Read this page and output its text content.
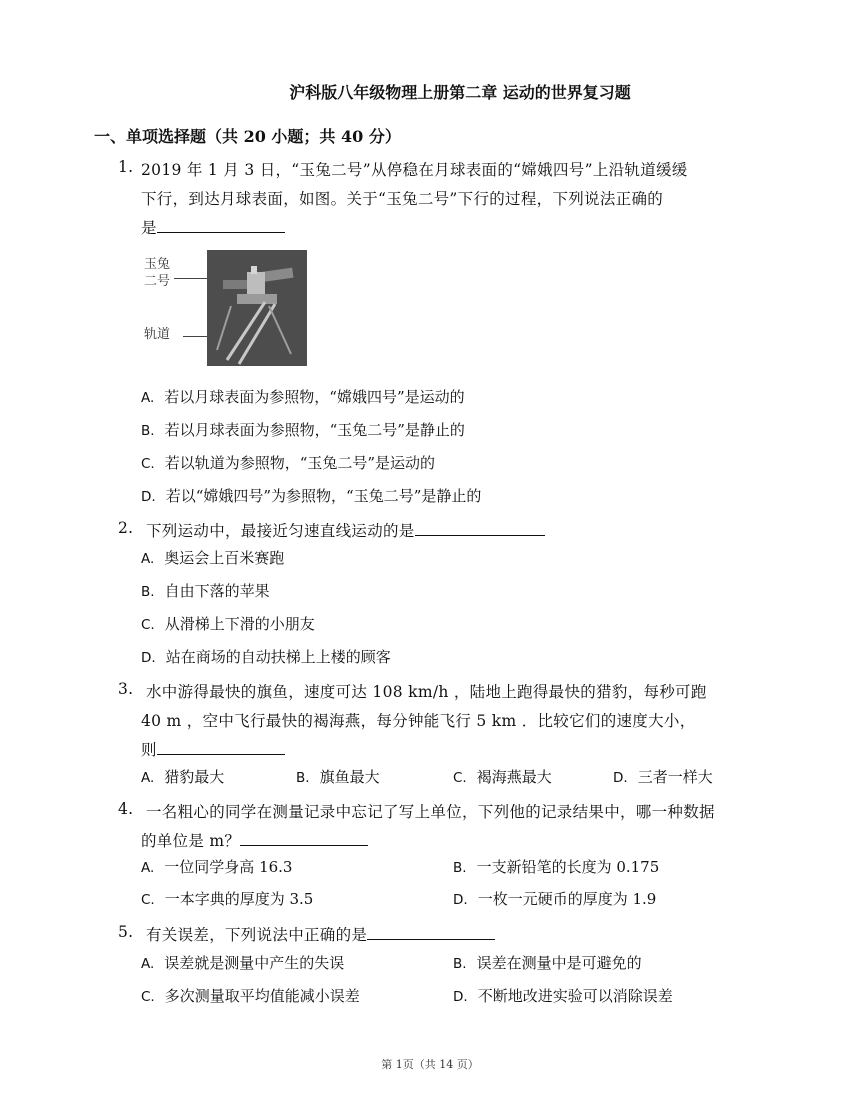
沪科版八年级物理上册第二章 运动的世界复习题
一、单项选择题（共 20 小题；共 40 分）
1. 2019 年 1 月 3 日，“玉兔二号”从停稳在月球表面的“嫦娥四号”上沿轨道缓缓
下行，到达月球表面，如图。关于“玉兔二号”下行的过程，下列说法正确的
是
玉兔
二号
轨道
A. 若以月球表面为参照物，“嫦娥四号”是运动的
B. 若以月球表面为参照物，“玉兔二号”是静止的
C. 若以轨道为参照物，“玉兔二号”是运动的
D. 若以“嫦娥四号”为参照物，“玉兔二号”是静止的
2. 下列运动中，最接近匀速直线运动的是
A. 奥运会上百米赛跑
B. 自由下落的苹果
C. 从滑梯上下滑的小朋友
D. 站在商场的自动扶梯上上楼的顾客
3. 水中游得最快的旗鱼，速度可达 108 km/h ，陆地上跑得最快的猎豹，每秒可跑
40 m ，空中飞行最快的褐海燕，每分钟能飞行 5 km ．比较它们的速度大小，
则
A. 猎豹最大	B. 旗鱼最大	C. 褐海燕最大	D. 三者一样大
4. 一名粗心的同学在测量记录中忘记了写上单位，下列他的记录结果中，哪一种数据
的单位是 m？
A. 一位同学身高 16.3	B. 一支新铅笔的长度为 0.175
C. 一本字典的厚度为 3.5	D. 一枚一元硬币的厚度为 1.9
5. 有关误差，下列说法中正确的是
A. 误差就是测量中产生的失误	B. 误差在测量中是可避免的
C. 多次测量取平均值能减小误差	D. 不断地改进实验可以消除误差
第 1页（共 14 页）
